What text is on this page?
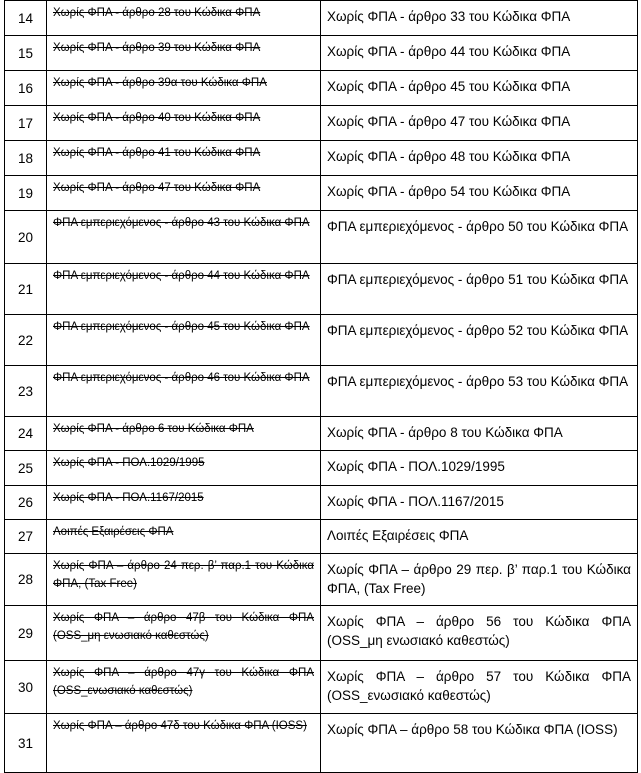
14	Χωρίς ΦΠΑ - άρθρο 28 του Κώδικα ΦΠΑ	Χωρίς ΦΠΑ - άρθρο 33 του Κώδικα ΦΠΑ
15	Χωρίς ΦΠΑ - άρθρο 39 του Κώδικα ΦΠΑ	Χωρίς ΦΠΑ - άρθρο 44 του Κώδικα ΦΠΑ
16	Χωρίς ΦΠΑ - άρθρο 39α του Κώδικα ΦΠΑ	Χωρίς ΦΠΑ - άρθρο 45 του Κώδικα ΦΠΑ
17	Χωρίς ΦΠΑ - άρθρο 40 του Κώδικα ΦΠΑ	Χωρίς ΦΠΑ - άρθρο 47 του Κώδικα ΦΠΑ
18	Χωρίς ΦΠΑ - άρθρο 41 του Κώδικα ΦΠΑ	Χωρίς ΦΠΑ - άρθρο 48 του Κώδικα ΦΠΑ
19	Χωρίς ΦΠΑ - άρθρο 47 του Κώδικα ΦΠΑ	Χωρίς ΦΠΑ - άρθρο 54 του Κώδικα ΦΠΑ
20	ΦΠΑ εμπεριεχόμενος - άρθρο 43 του Κώδικα ΦΠΑ	ΦΠΑ εμπεριεχόμενος - άρθρο 50 του Κώδικα ΦΠΑ
21	ΦΠΑ εμπεριεχόμενος - άρθρο 44 του Κώδικα ΦΠΑ	ΦΠΑ εμπεριεχόμενος - άρθρο 51 του Κώδικα ΦΠΑ
22	ΦΠΑ εμπεριεχόμενος - άρθρο 45 του Κώδικα ΦΠΑ	ΦΠΑ εμπεριεχόμενος - άρθρο 52 του Κώδικα ΦΠΑ
23	ΦΠΑ εμπεριεχόμενος - άρθρο 46 του Κώδικα ΦΠΑ	ΦΠΑ εμπεριεχόμενος - άρθρο 53 του Κώδικα ΦΠΑ
24	Χωρίς ΦΠΑ - άρθρο 6 του Κώδικα ΦΠΑ	Χωρίς ΦΠΑ - άρθρο 8 του Κώδικα ΦΠΑ
25	Χωρίς ΦΠΑ - ΠΟΛ.1029/1995	Χωρίς ΦΠΑ - ΠΟΛ.1029/1995
26	Χωρίς ΦΠΑ - ΠΟΛ.1167/2015	Χωρίς ΦΠΑ - ΠΟΛ.1167/2015
27	Λοιπές Εξαιρέσεις ΦΠΑ	Λοιπές Εξαιρέσεις ΦΠΑ
28	Χωρίς ΦΠΑ – άρθρο 24 περ. β’ παρ.1 του Κώδικα ΦΠΑ, (Tax Free)	Χωρίς ΦΠΑ – άρθρο 29 περ. β’ παρ.1 του Κώδικα ΦΠΑ, (Tax Free)
29	Χωρίς ΦΠΑ – άρθρο 47β του Κώδικα ΦΠΑ (OSS_μη ενωσιακό καθεστώς)	Χωρίς ΦΠΑ – άρθρο 56 του Κώδικα ΦΠΑ (OSS_μη ενωσιακό καθεστώς)
30	Χωρίς ΦΠΑ – άρθρο 47γ του Κώδικα ΦΠΑ (OSS_ενωσιακό καθεστώς)	Χωρίς ΦΠΑ – άρθρο 57 του Κώδικα ΦΠΑ (OSS_ενωσιακό καθεστώς)
31	Χωρίς ΦΠΑ – άρθρο 47δ του Κώδικα ΦΠΑ (IOSS)	Χωρίς ΦΠΑ – άρθρο 58 του Κώδικα ΦΠΑ (IOSS)
